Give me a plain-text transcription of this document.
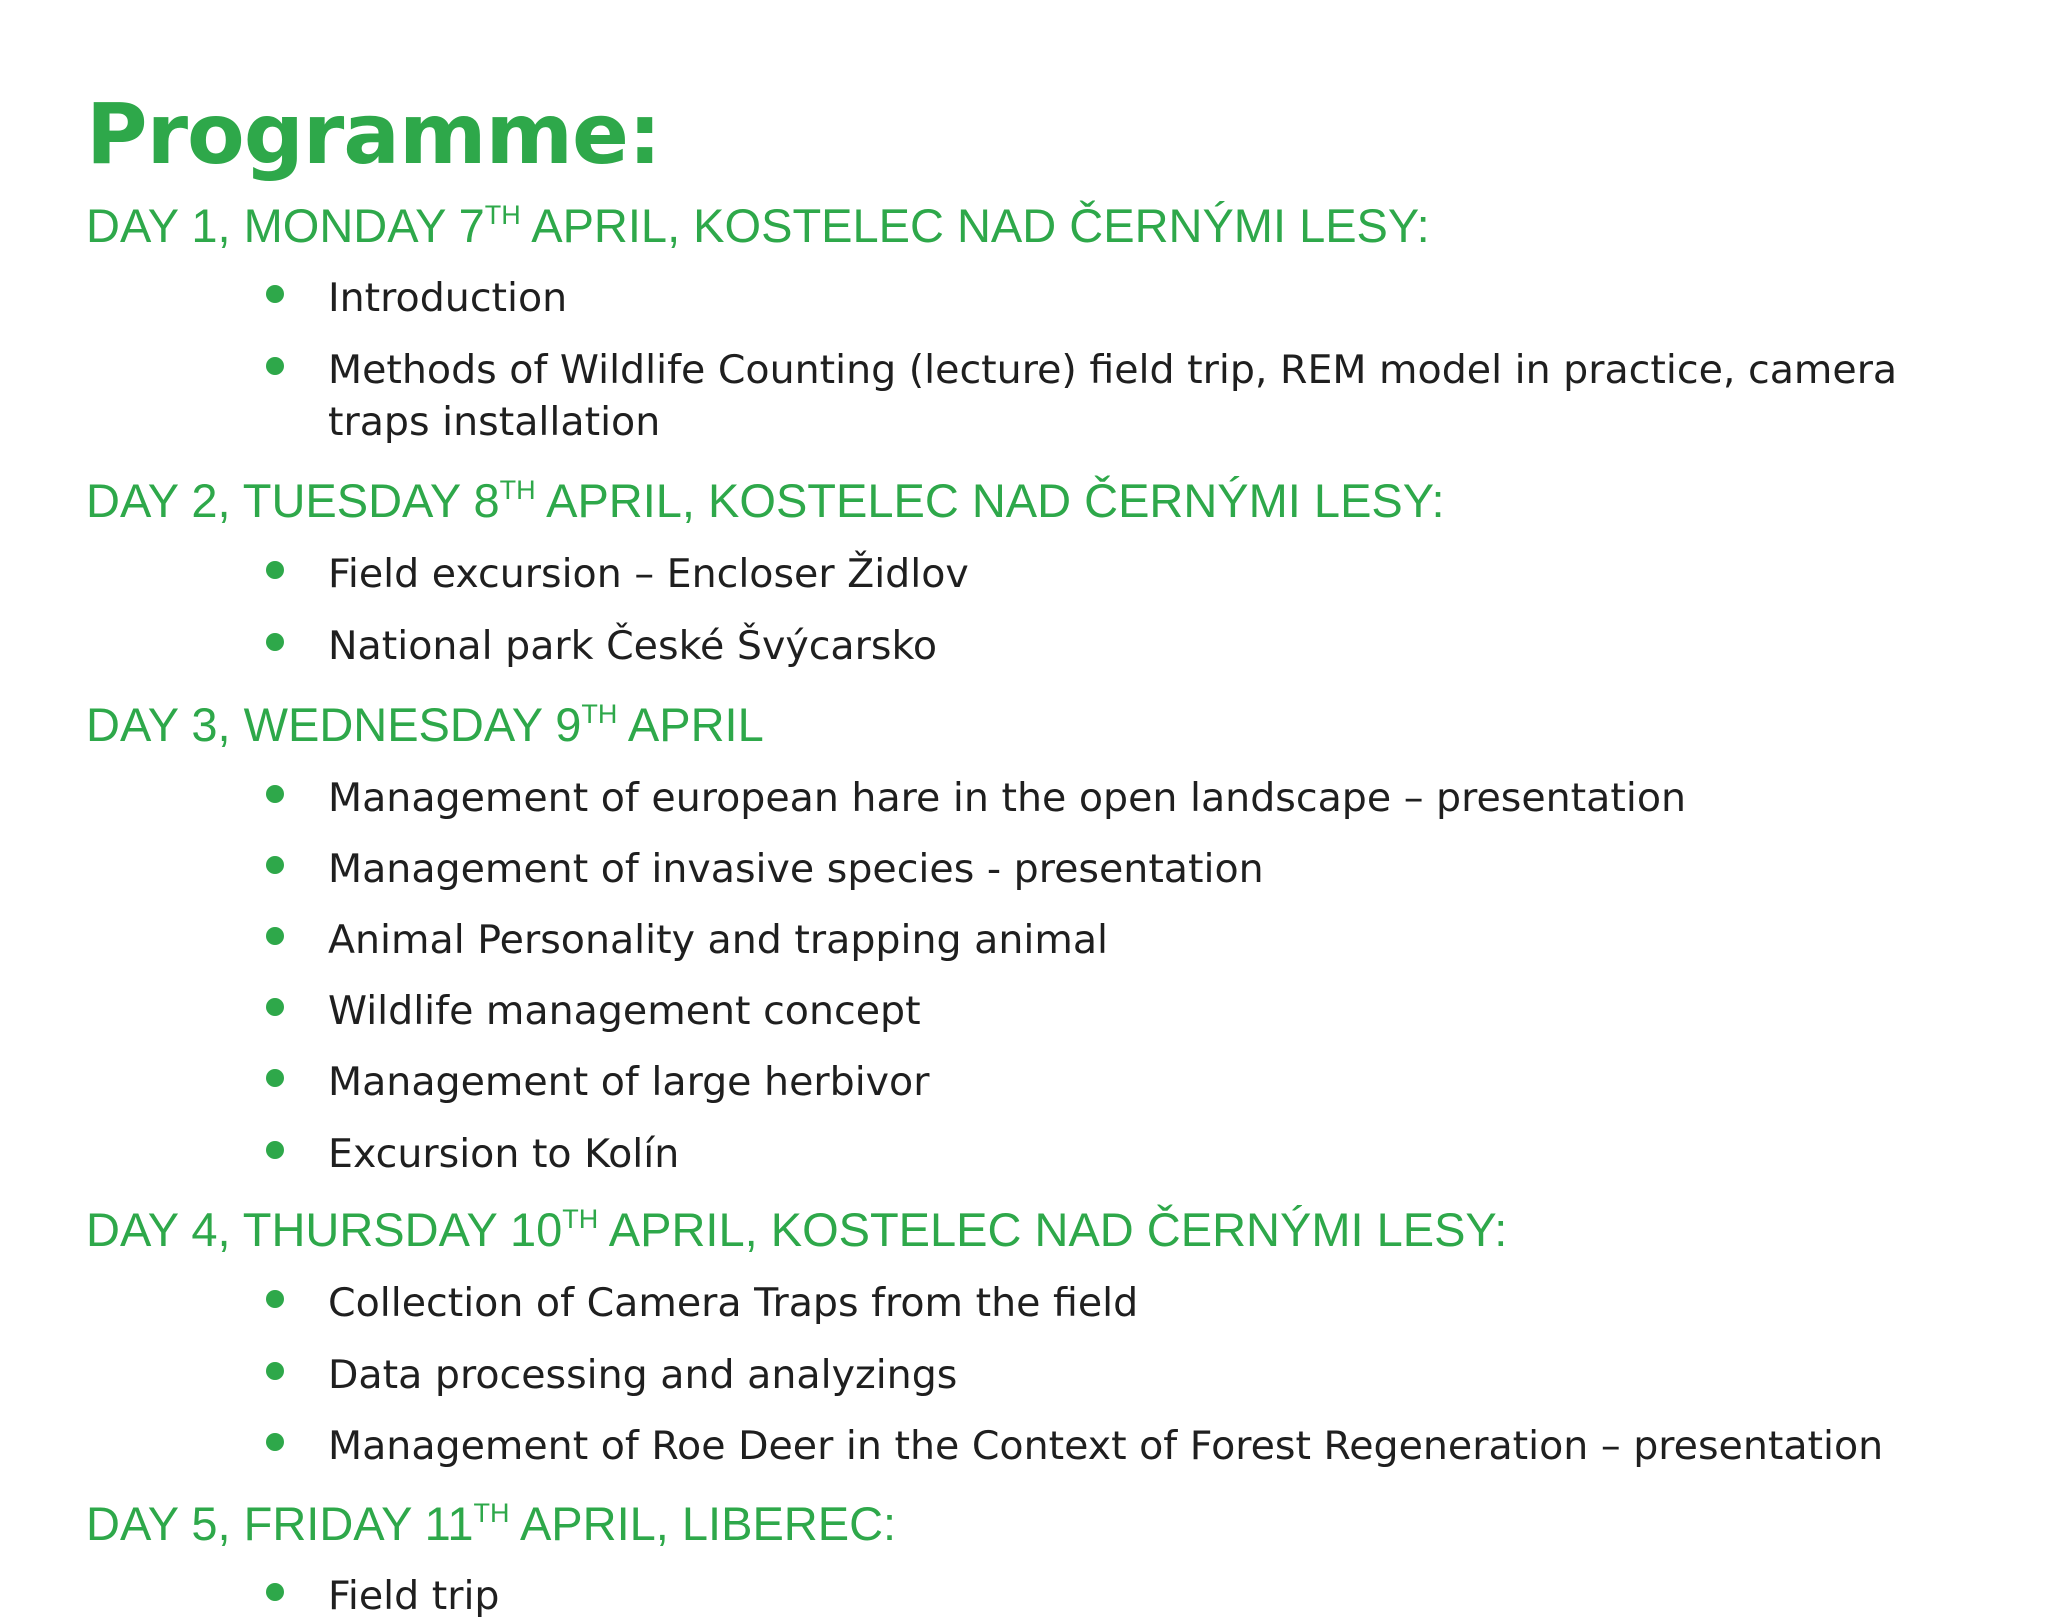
Programme:
DAY 1, MONDAY 7TH APRIL, KOSTELEC NAD ČERNÝMI LESY:

Introduction

Methods of Wildlife Counting (lecture) field trip, REM model in practice, camera traps installation

DAY 2, TUESDAY 8TH APRIL, KOSTELEC NAD ČERNÝMI LESY:

Field excursion – Encloser Židlov

National park České Švýcarsko

DAY 3, WEDNESDAY 9TH APRIL

Management of european hare in the open landscape – presentation

Management of invasive species - presentation

Animal Personality and trapping animal

Wildlife management concept

Management of large herbivor

Excursion to Kolín

DAY 4, THURSDAY 10TH APRIL, KOSTELEC NAD ČERNÝMI LESY:

Collection of Camera Traps from the field

Data processing and analyzings

Management of Roe Deer in the Context of Forest Regeneration – presentation

DAY 5, FRIDAY 11TH APRIL, LIBEREC:

Field trip
